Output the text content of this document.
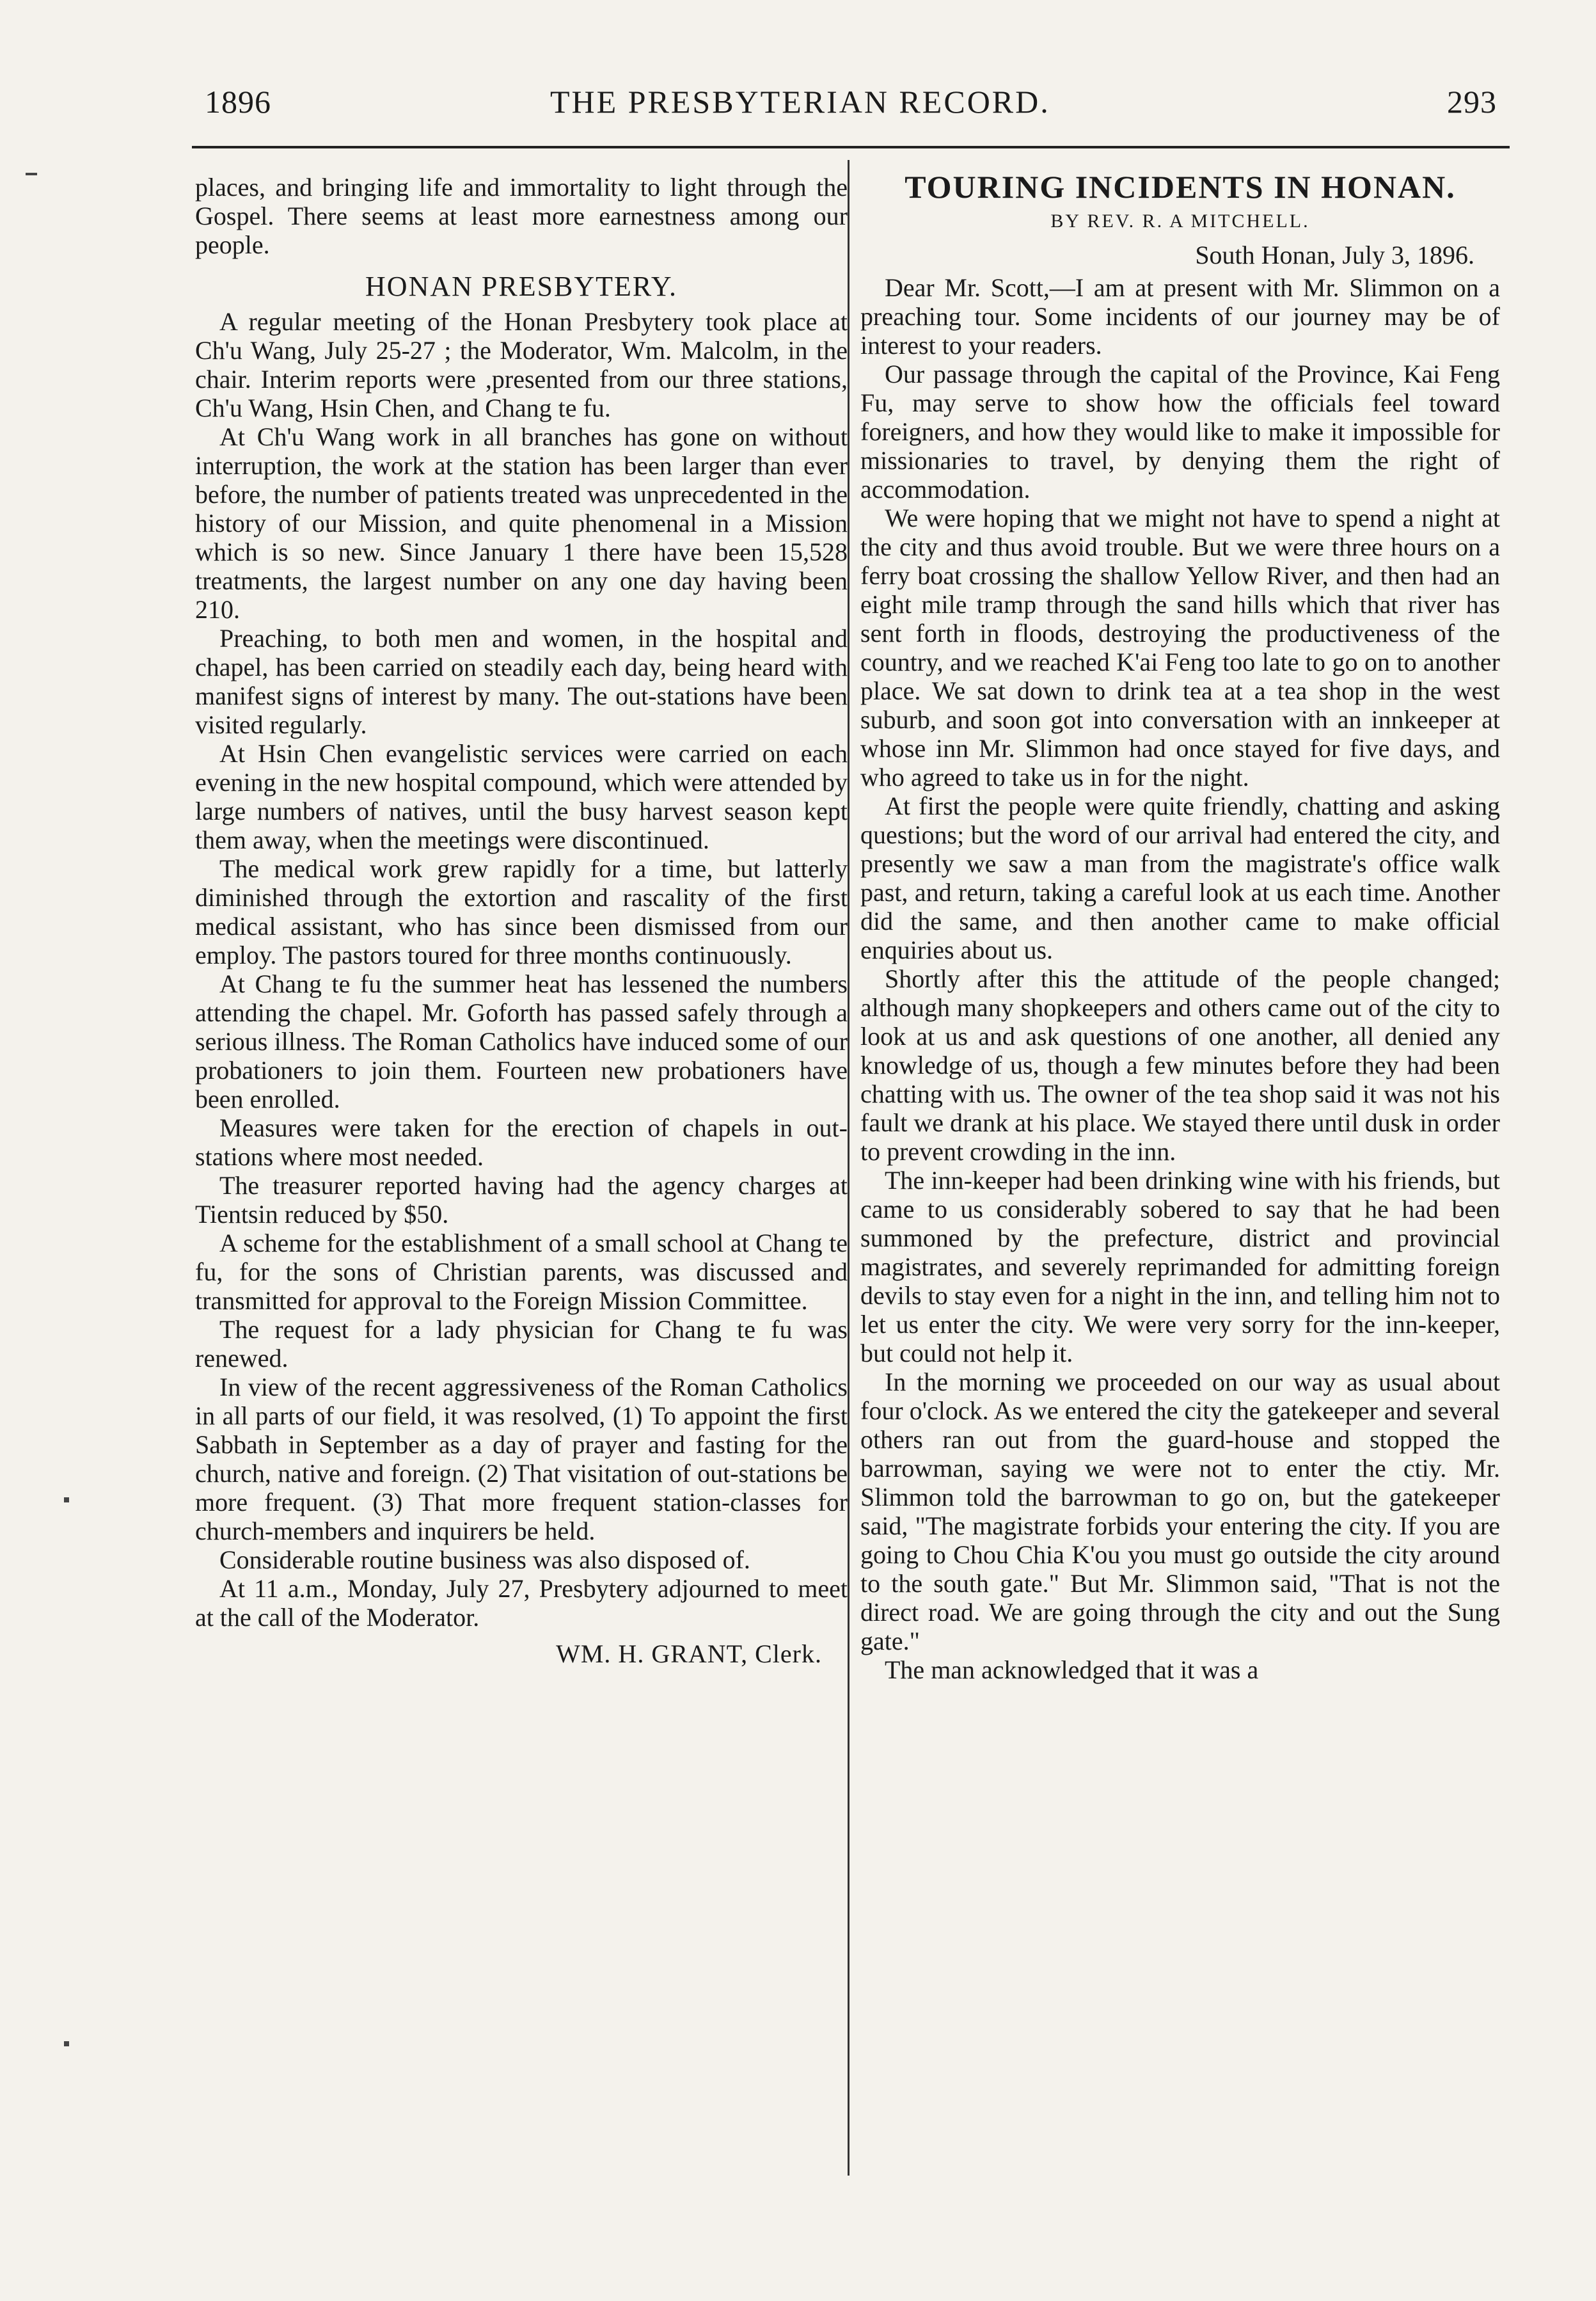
1896	THE PRESBYTERIAN RECORD.	293

places, and bringing life and immortality to light through the Gospel. There seems at least more earnestness among our people.

HONAN PRESBYTERY.

A regular meeting of the Honan Presbytery took place at Ch'u Wang, July 25-27 ; the Moderator, Wm. Malcolm, in the chair. Interim reports were ,presented from our three stations, Ch'u Wang, Hsin Chen, and Chang te fu.

At Ch'u Wang work in all branches has gone on without interruption, the work at the station has been larger than ever before, the number of patients treated was unprecedented in the history of our Mission, and quite phenomenal in a Mission which is so new. Since January 1 there have been 15,528 treatments, the largest number on any one day having been 210.

Preaching, to both men and women, in the hospital and chapel, has been carried on steadily each day, being heard with manifest signs of interest by many. The out-stations have been visited regularly.

At Hsin Chen evangelistic services were carried on each evening in the new hospital compound, which were attended by large numbers of natives, until the busy harvest season kept them away, when the meetings were discontinued.

The medical work grew rapidly for a time, but latterly diminished through the extortion and rascality of the first medical assistant, who has since been dismissed from our employ. The pastors toured for three months continuously.

At Chang te fu the summer heat has lessened the numbers attending the chapel. Mr. Goforth has passed safely through a serious illness. The Roman Catholics have induced some of our probationers to join them. Fourteen new probationers have been enrolled.

Measures were taken for the erection of chapels in out-stations where most needed.

The treasurer reported having had the agency charges at Tientsin reduced by $50.

A scheme for the establishment of a small school at Chang te fu, for the sons of Christian parents, was discussed and transmitted for approval to the Foreign Mission Committee.

The request for a lady physician for Chang te fu was renewed.

In view of the recent aggressiveness of the Roman Catholics in all parts of our field, it was resolved, (1) To appoint the first Sabbath in September as a day of prayer and fasting for the church, native and foreign. (2) That visitation of out-stations be more frequent. (3) That more frequent station-classes for church-members and inquirers be held.

Considerable routine business was also disposed of.

At 11 a.m., Monday, July 27, Presbytery adjourned to meet at the call of the Moderator.

WM. H. GRANT, Clerk.
TOURING INCIDENTS IN HONAN.
BY REV. R. A MITCHELL.
South Honan, July 3, 1896.

Dear Mr. Scott,—I am at present with Mr. Slimmon on a preaching tour. Some incidents of our journey may be of interest to your readers.

Our passage through the capital of the Province, Kai Feng Fu, may serve to show how the officials feel toward foreigners, and how they would like to make it impossible for missionaries to travel, by denying them the right of accommodation.

We were hoping that we might not have to spend a night at the city and thus avoid trouble. But we were three hours on a ferry boat crossing the shallow Yellow River, and then had an eight mile tramp through the sand hills which that river has sent forth in floods, destroying the productiveness of the country, and we reached K'ai Feng too late to go on to another place. We sat down to drink tea at a tea shop in the west suburb, and soon got into conversation with an innkeeper at whose inn Mr. Slimmon had once stayed for five days, and who agreed to take us in for the night.

At first the people were quite friendly, chatting and asking questions; but the word of our arrival had entered the city, and presently we saw a man from the magistrate's office walk past, and return, taking a careful look at us each time. Another did the same, and then another came to make official enquiries about us.

Shortly after this the attitude of the people changed; although many shopkeepers and others came out of the city to look at us and ask questions of one another, all denied any knowledge of us, though a few minutes before they had been chatting with us. The owner of the tea shop said it was not his fault we drank at his place. We stayed there until dusk in order to prevent crowding in the inn.

The inn-keeper had been drinking wine with his friends, but came to us considerably sobered to say that he had been summoned by the prefecture, district and provincial magistrates, and severely reprimanded for admitting foreign devils to stay even for a night in the inn, and telling him not to let us enter the city. We were very sorry for the inn-keeper, but could not help it.

In the morning we proceeded on our way as usual about four o'clock. As we entered the city the gatekeeper and several others ran out from the guard-house and stopped the barrowman, saying we were not to enter the ctiy. Mr. Slimmon told the barrowman to go on, but the gatekeeper said, "The magistrate forbids your entering the city. If you are going to Chou Chia K'ou you must go outside the city around to the south gate." But Mr. Slimmon said, "That is not the direct road. We are going through the city and out the Sung gate."

The man acknowledged that it was a
